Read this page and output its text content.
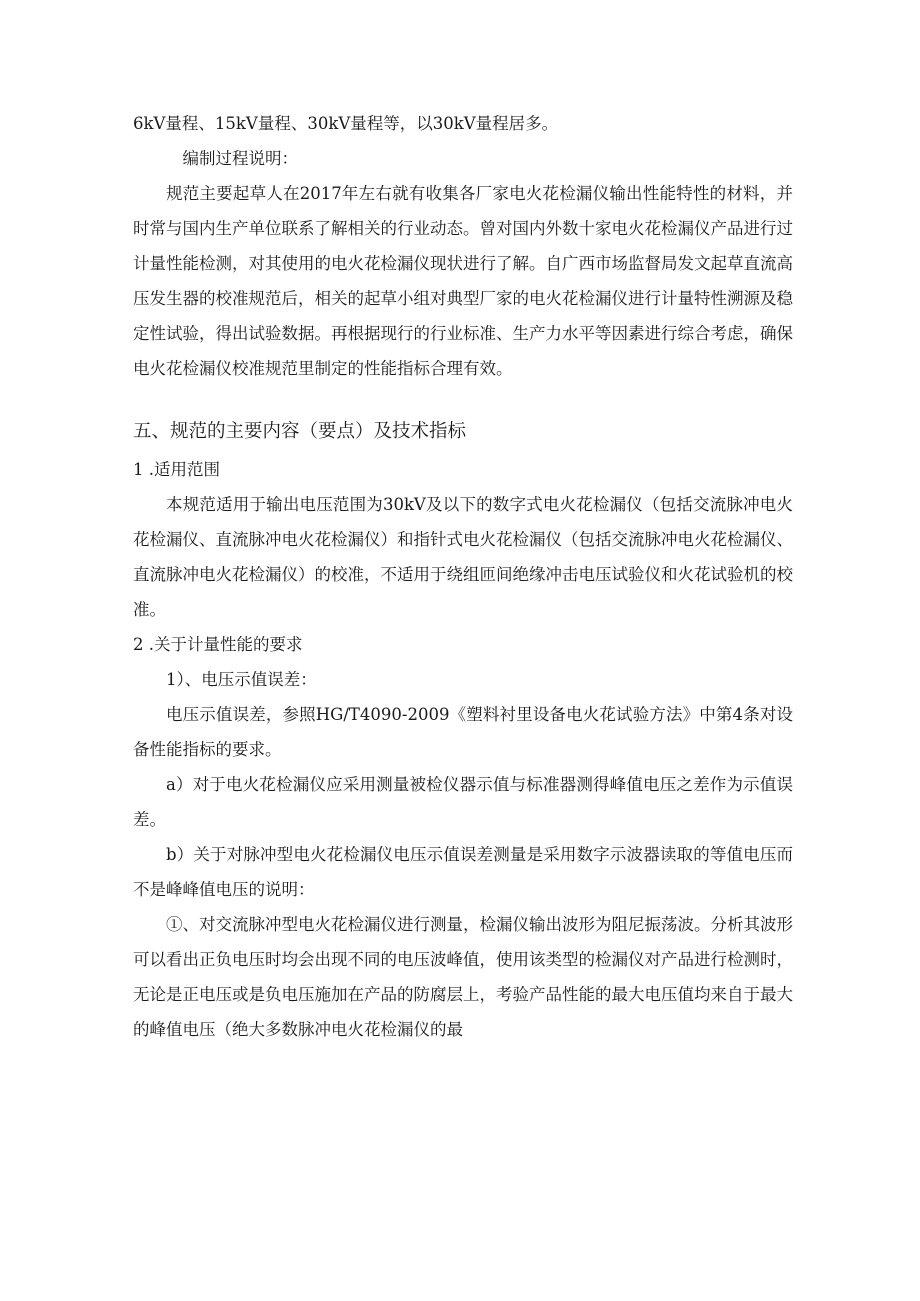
6kV量程、15kV量程、30kV量程等，以30kV量程居多。

编制过程说明：

规范主要起草人在2017年左右就有收集各厂家电火花检漏仪输出性能特性的材料，并时常与国内生产单位联系了解相关的行业动态。曾对国内外数十家电火花检漏仪产品进行过计量性能检测，对其使用的电火花检漏仪现状进行了解。自广西市场监督局发文起草直流高压发生器的校准规范后，相关的起草小组对典型厂家的电火花检漏仪进行计量特性溯源及稳定性试验，得出试验数据。再根据现行的行业标准、生产力水平等因素进行综合考虑，确保电火花检漏仪校准规范里制定的性能指标合理有效。

五、规范的主要内容（要点）及技术指标

1 .适用范围

本规范适用于输出电压范围为30kV及以下的数字式电火花检漏仪（包括交流脉冲电火花检漏仪、直流脉冲电火花检漏仪）和指针式电火花检漏仪（包括交流脉冲电火花检漏仪、直流脉冲电火花检漏仪）的校准，不适用于绕组匝间绝缘冲击电压试验仪和火花试验机的校准。

2 .关于计量性能的要求

1）、电压示值误差：

电压示值误差，参照HG/T4090-2009《塑料衬里设备电火花试验方法》中第4条对设备性能指标的要求。

a）对于电火花检漏仪应采用测量被检仪器示值与标准器测得峰值电压之差作为示值误差。

b）关于对脉冲型电火花检漏仪电压示值误差测量是采用数字示波器读取的等值电压而不是峰峰值电压的说明：

①、对交流脉冲型电火花检漏仪进行测量，检漏仪输出波形为阻尼振荡波。分析其波形可以看出正负电压时均会出现不同的电压波峰值，使用该类型的检漏仪对产品进行检测时，无论是正电压或是负电压施加在产品的防腐层上，考验产品性能的最大电压值均来自于最大的峰值电压（绝大多数脉冲电火花检漏仪的最
